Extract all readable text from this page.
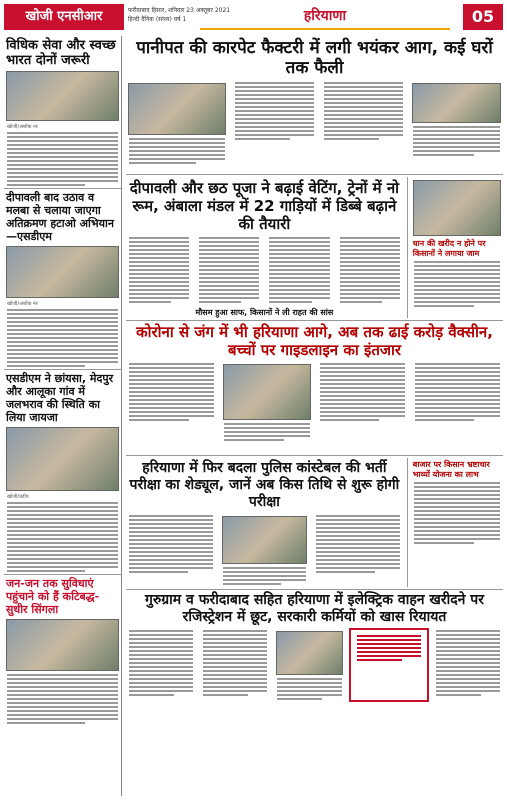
खोजी एनसीआर	फरीदाबाद हिसार, शनिवार 23 अक्तूबर 2021
हिन्दी दैनिक (सांध्य) वर्ष 1	हरियाणा	05
विधिक सेवा और स्वच्छ भारत दोनों जरूरी
खोजी/अशोक नर
दीपावली बाद उठाव व मलबा से चलाया जाएगा अतिक्रमण हटाओ अभियान—एसडीएम
खोजी/अशोक नर
एसडीएम ने छांयसा, मेदपुर और आलूका गांव में जलभराव की स्थिति का लिया जायजा
खोजी/प्रदीप
जन-जन तक सुविधाएं पहुंचाने को हैं कटिबद्ध-सुधीर सिंगला
पानीपत की कारपेट फैक्टरी में लगी भयंकर आग, कई घरों तक फैली
दीपावली और छठ पूजा ने बढ़ाई वेटिंग, ट्रेनों में नो रूम, अंबाला मंडल में 22 गाड़ियों में डिब्बे बढ़ाने की तैयारी
मौसम हुआ साफ, किसानों ने ली राहत की सांस
धान की खरीद न होने पर किसानों ने लगाया जाम
कोरोना से जंग में भी हरियाणा आगे, अब तक ढाई करोड़ वैक्सीन, बच्चों पर गाइडलाइन का इंतजार
हरियाणा में फिर बदला पुलिस कांस्टेबल की भर्ती परीक्षा का शेड्यूल, जानें अब किस तिथि से शुरू होगी परीक्षा
बाजार पर किसान भ्रष्टाचार भाव्यों योजना का लाभ
गुरुग्राम व फरीदाबाद सहित हरियाणा में इलेक्ट्रिक वाहन खरीदने पर रजिस्ट्रेशन में छूट, सरकारी कर्मियों को खास रियायत
